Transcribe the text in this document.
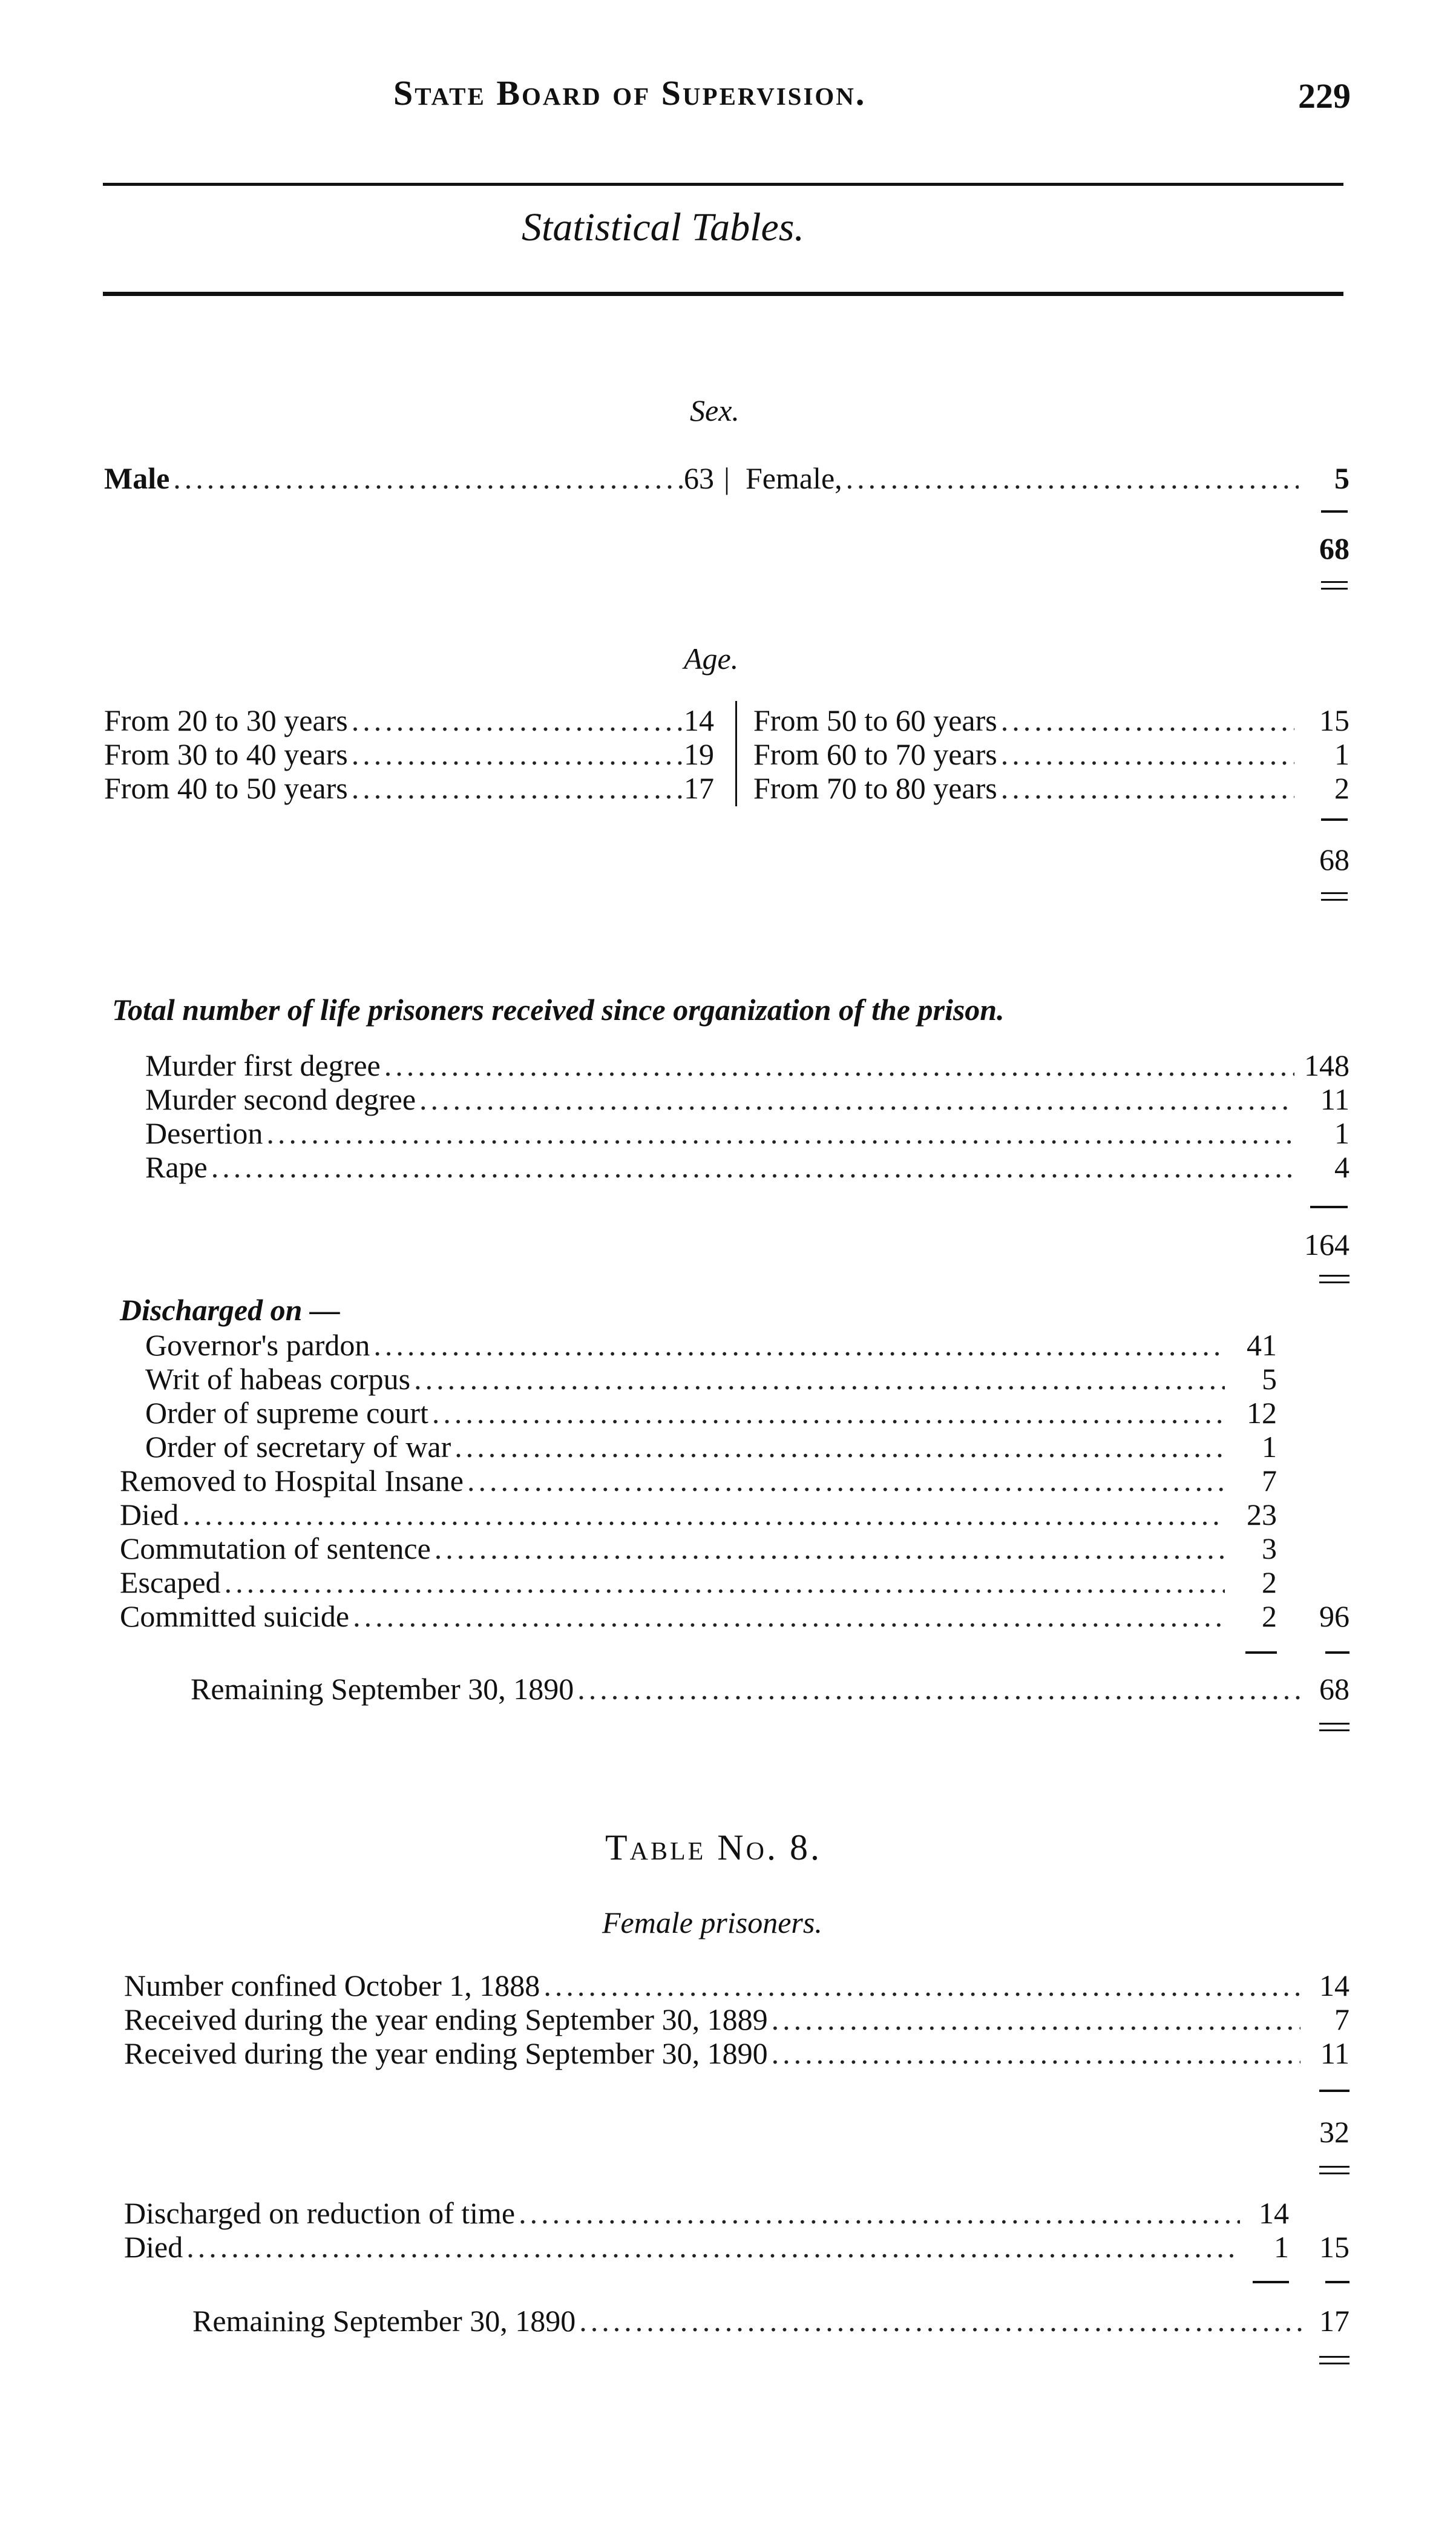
State Board of Supervision.	229
Statistical Tables.
Sex.
Male .....	63 | Female, .....	5
68
Age.
From 20 to 30 years .....	14
From 30 to 40 years .....	19
From 40 to 50 years .....	17
From 50 to 60 years .....	15
From 60 to 70 years .....	1
From 70 to 80 years .....	2
68
Total number of life prisoners received since organization of the prison.
Murder first degree .....	148
Murder second degree .....	11
Desertion .....	1
Rape .....	4
164
Discharged on —
Governor's pardon .....	41
Writ of habeas corpus .....	5
Order of supreme court .....	12
Order of secretary of war .....	1
Removed to Hospital Insane .....	7
Died .....	23
Commutation of sentence .....	3
Escaped .....	2
Committed suicide .....	2	96
Remaining September 30, 1890 .....	68
Table No. 8.
Female prisoners.
Number confined October 1, 1888 .....	14
Received during the year ending September 30, 1889 .....	7
Received during the year ending September 30, 1890 .....	11
32
Discharged on reduction of time .....	14
Died .....	1	15
Remaining September 30, 1890 .....	17
